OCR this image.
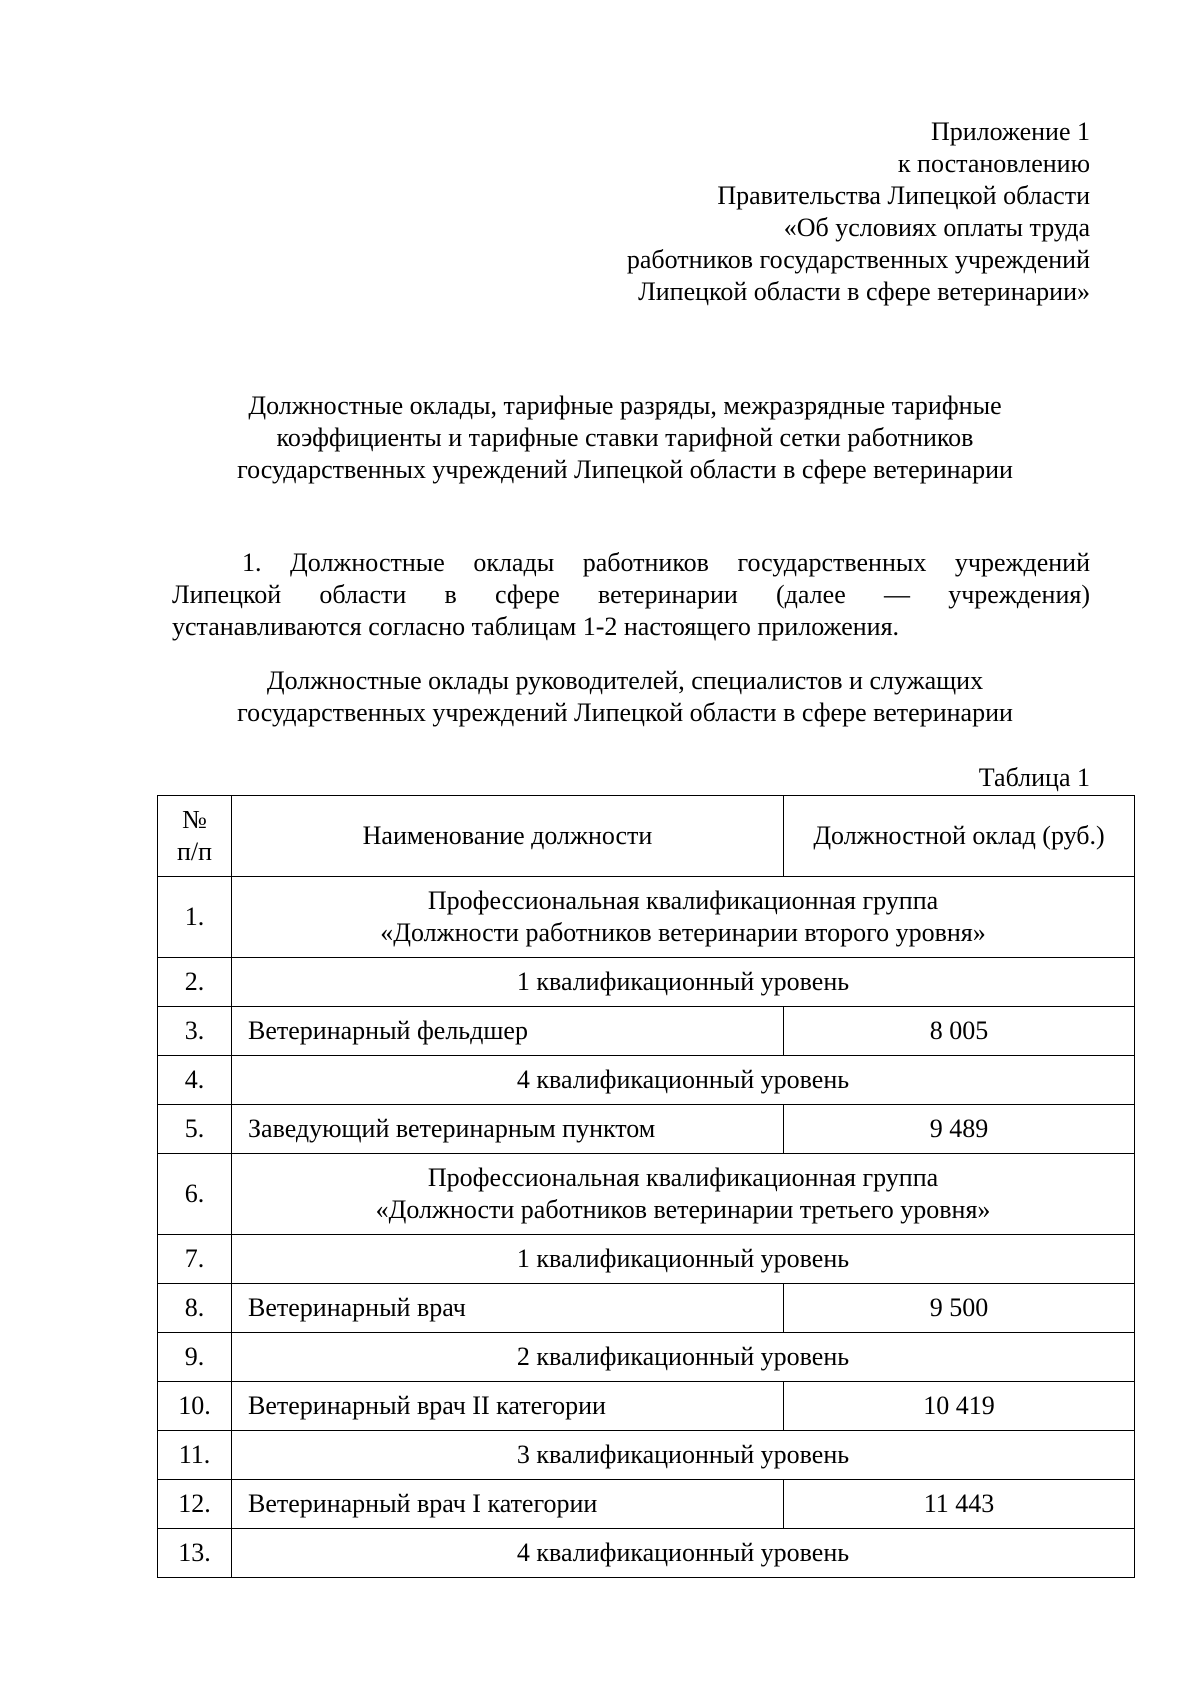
Приложение 1
к постановлению
Правительства Липецкой области
«Об условиях оплаты труда
работников государственных учреждений
Липецкой области в сфере ветеринарии»
Должностные оклады, тарифные разряды, межразрядные тарифные
коэффициенты и тарифные ставки тарифной сетки работников
государственных учреждений Липецкой области в сфере ветеринарии
1. Должностные оклады работников государственных учреждений
Липецкой области в сфере ветеринарии (далее — учреждения)
устанавливаются согласно таблицам 1-2 настоящего приложения.
Должностные оклады руководителей, специалистов и служащих
государственных учреждений Липецкой области в сфере ветеринарии
Таблица 1
№
п/п	Наименование должности	Должностной оклад (руб.)
1.	Профессиональная квалификационная группа
«Должности работников ветеринарии второго уровня»	

2.	1 квалификационный уровень	
3.	Ветеринарный фельдшер	8 005
4.	4 квалификационный уровень	
5.	Заведующий ветеринарным пунктом	9 489
6.	Профессиональная квалификационная группа
«Должности работников ветеринарии третьего уровня»	

7.	1 квалификационный уровень	
8.	Ветеринарный врач	9 500
9.	2 квалификационный уровень	
10.	Ветеринарный врач II категории	10 419
11.	3 квалификационный уровень	
12.	Ветеринарный врач I категории	11 443
13.	4 квалификационный уровень	
